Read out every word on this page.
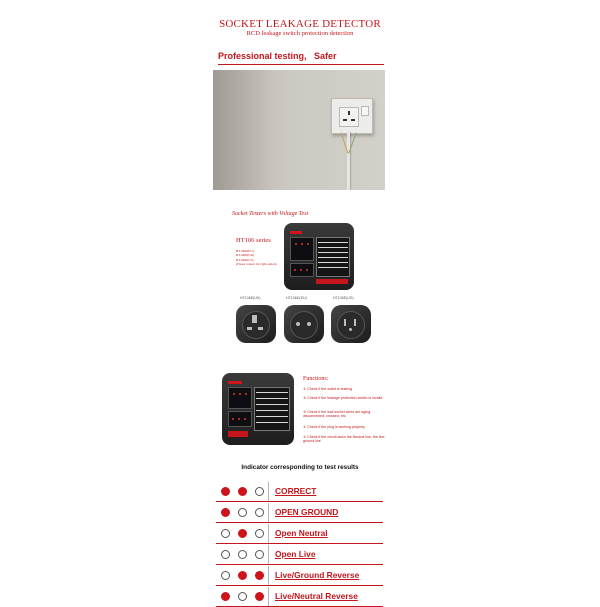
SOCKET LEAKAGE DETECTOR
RCD leakage switch protection detection
Professional testing,   Safer
Socket Testers with Voltage Test
HT106 series
HT106D(EU)
HT106D(UK)
HT106D(US)
(Please contact for right option)
HT106E(UK)	HT106D(EU)	HT106E(US)
Functions:
① Check if the outlet is leaking
② Check if the leakage protection switch is invalid
③ Check if the wall socket wires are aging, disconnected, crossed, etc.
④ Check if the plug is working properly
⑤ Check if the circuit lacks the Neutral line, fire line, ground line
Indicator corresponding to test results
CORRECT
OPEN GROUND
Open Neutral
Open Live
Live/Ground Reverse
Live/Neutral Reverse
